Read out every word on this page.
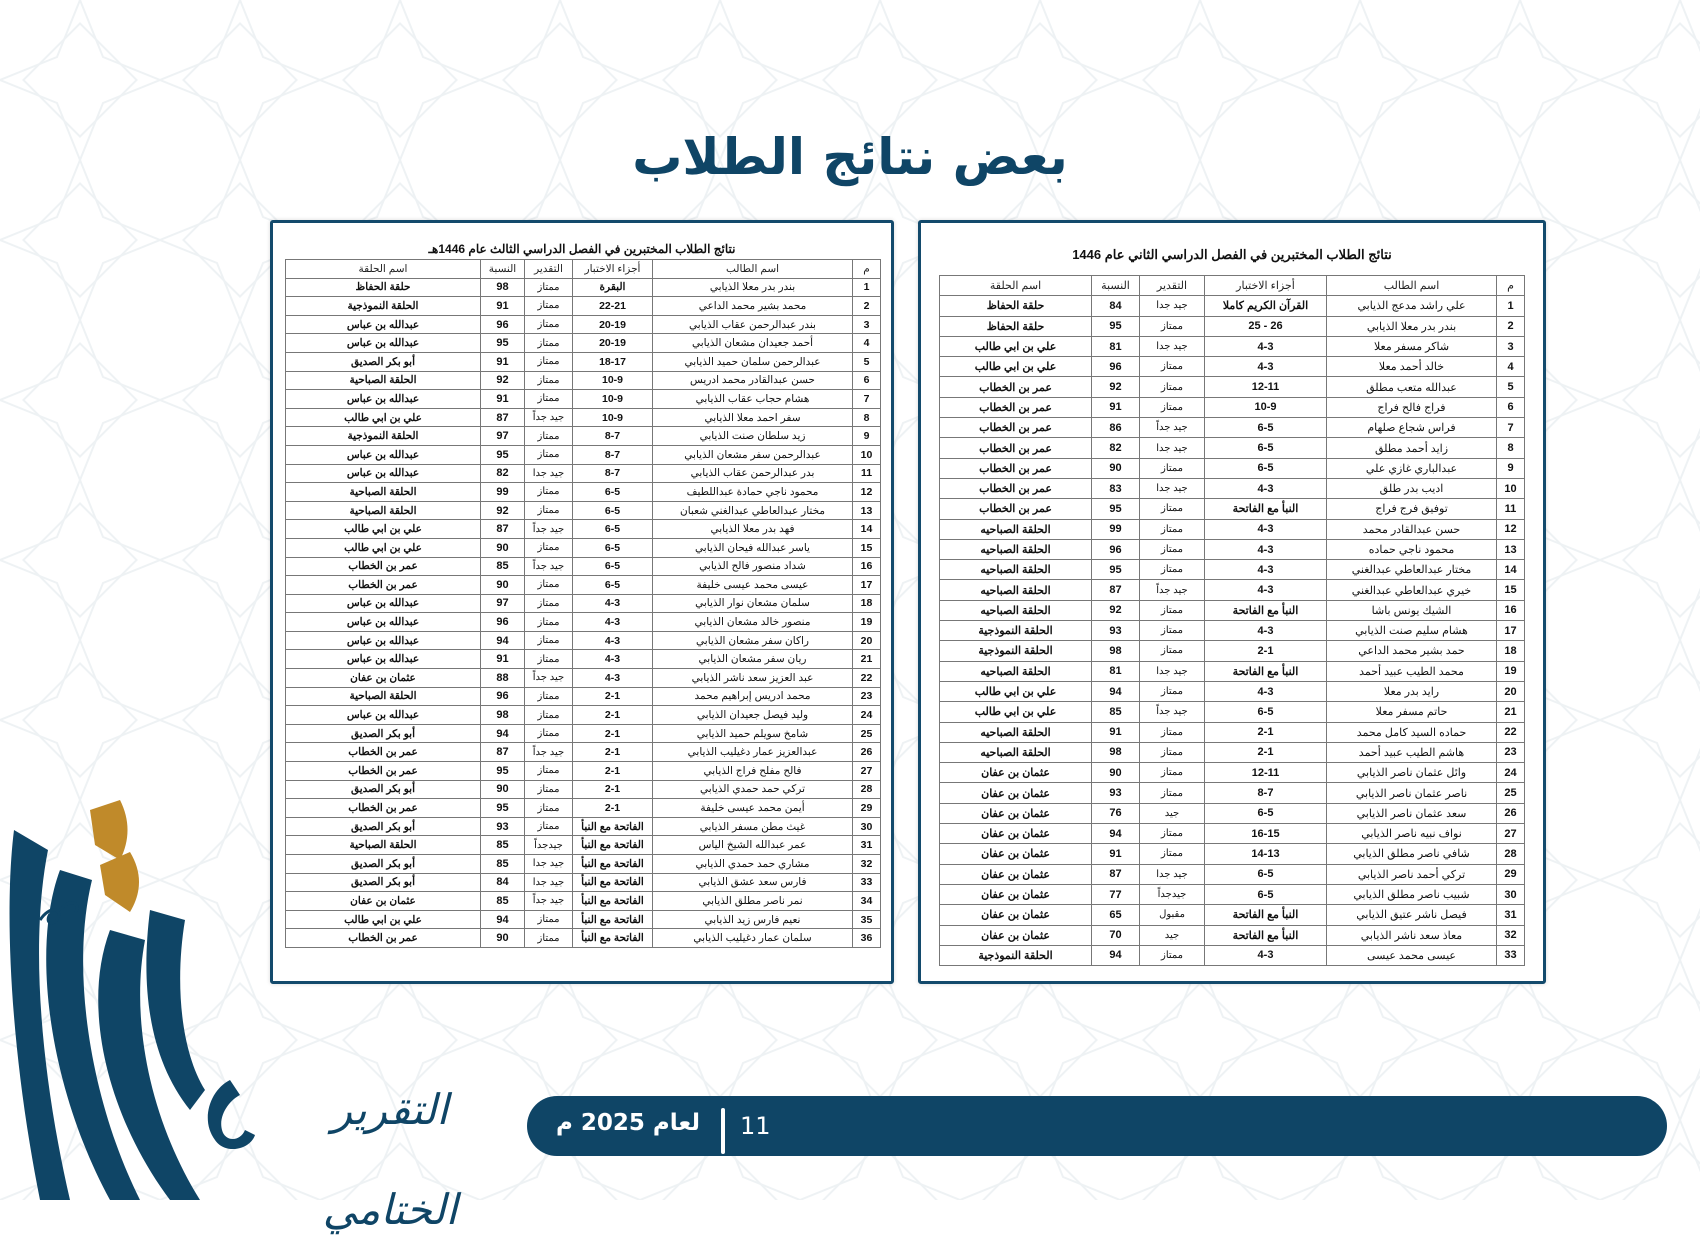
بعض نتائج الطلاب
نتائج الطلاب المختبرين في الفصل الدراسي الثاني عام 1446
م	اسم الطالب	أجزاء الاختبار	التقدير	النسبة	اسم الحلقة
1	علي راشد مدعج الذيابي	القرآن الكريم كاملا	جيد جدا	84	حلقة الحفاظ
2	بندر بدر معلا الذيابي	26 - 25	ممتاز	95	حلقة الحفاظ
3	شاكر مسفر معلا	4-3	جيد جدا	81	علي بن ابي طالب
4	خالد أحمد معلا	4-3	ممتاز	96	علي بن ابي طالب
5	عبدالله متعب مطلق	12-11	ممتاز	92	عمر بن الخطاب
6	فراج فالح فراج	10-9	ممتاز	91	عمر بن الخطاب
7	فراس شجاع صلهام	6-5	جيد جداً	86	عمر بن الخطاب
8	زايد أحمد مطلق	6-5	جيد جدا	82	عمر بن الخطاب
9	عبدالباري غازي علي	6-5	ممتاز	90	عمر بن الخطاب
10	اديب بدر طلق	4-3	جيد جدا	83	عمر بن الخطاب
11	توفيق فرج فراج	النبأ مع الفاتحة	ممتاز	95	عمر بن الخطاب
12	حسن عبدالقادر محمد	4-3	ممتاز	99	الحلقة الصباحيه
13	محمود ناجي حماده	4-3	ممتاز	96	الحلقة الصباحيه
14	مختار عبدالعاطي عبدالغني	4-3	ممتاز	95	الحلقة الصباحيه
15	خيري عبدالعاطي عبدالغني	4-3	جيد جداً	87	الحلقة الصباحيه
16	الشيك يونس باشا	النبأ مع الفاتحة	ممتاز	92	الحلقة الصباحيه
17	هشام سليم صنت الذيابي	4-3	ممتاز	93	الحلقة النموذجية
18	حمد بشير محمد الداعي	2-1	ممتاز	98	الحلقة النموذجية
19	محمد الطيب عبيد أحمد	النبأ مع الفاتحة	جيد جدا	81	الحلقة الصباحيه
20	رايد بدر معلا	4-3	ممتاز	94	علي بن ابي طالب
21	حاتم مسفر معلا	6-5	جيد جداً	85	علي بن ابي طالب
22	حماده السيد كامل محمد	2-1	ممتاز	91	الحلقة الصباحيه
23	هاشم الطيب عبيد أحمد	2-1	ممتاز	98	الحلقة الصباحيه
24	وائل عثمان ناصر الذيابي	12-11	ممتاز	90	عثمان بن عفان
25	ناصر عثمان ناصر الذيابي	8-7	ممتاز	93	عثمان بن عفان
26	سعد عثمان ناصر الذيابي	6-5	جيد	76	عثمان بن عفان
27	نواف نبيه ناصر الذيابي	16-15	ممتاز	94	عثمان بن عفان
28	شافي ناصر مطلق الذيابي	14-13	ممتاز	91	عثمان بن عفان
29	تركي أحمد ناصر الذيابي	6-5	جيد جدا	87	عثمان بن عفان
30	شبيب ناصر مطلق الذيابي	6-5	جيدجداً	77	عثمان بن عفان
31	فيصل ناشر عتيق الذيابي	النبأ مع الفاتحة	مقبول	65	عثمان بن عفان
32	معاذ سعد ناشر الذيابي	النبأ مع الفاتحة	جيد	70	عثمان بن عفان
33	عيسى محمد عيسى	4-3	ممتاز	94	الحلقة النموذجية
نتائج الطلاب المختبرين في الفصل الدراسي الثالث عام 1446هـ
م	اسم الطالب	أجزاء الاختبار	التقدير	النسبة	اسم الحلقة
1	بندر بدر معلا الذيابي	البقرة	ممتاز	98	حلقة الحفاظ
2	محمد بشير محمد الداعي	22-21	ممتاز	91	الحلقة النموذجية
3	بندر عبدالرحمن عقاب الذيابي	20-19	ممتاز	96	عبدالله بن عباس
4	أحمد جعيدان مشعان الذيابي	20-19	ممتاز	95	عبدالله بن عباس
5	عبدالرحمن سلمان حميد الذيابي	18-17	ممتاز	91	أبو بكر الصديق
6	حسن عبدالقادر محمد ادريس	10-9	ممتاز	92	الحلقة الصباحية
7	هشام حجاب عقاب الذيابي	10-9	ممتاز	91	عبدالله بن عباس
8	سفر احمد معلا الذيابي	10-9	جيد جداً	87	علي بن ابي طالب
9	زيد سلطان صنت الذيابي	8-7	ممتاز	97	الحلقة النموذجية
10	عبدالرحمن سفر مشعان الذيابي	8-7	ممتاز	95	عبدالله بن عباس
11	بدر عبدالرحمن عقاب الذيابي	8-7	جيد جدا	82	عبدالله بن عباس
12	محمود ناجي حمادة عبداللطيف	6-5	ممتاز	99	الحلقة الصباحية
13	مختار عبدالعاطي عبدالغني شعبان	6-5	ممتاز	92	الحلقة الصباحية
14	فهد بدر معلا الذيابي	6-5	جيد جداً	87	علي بن ابي طالب
15	ياسر عبدالله فيحان الذيابي	6-5	ممتاز	90	علي بن ابي طالب
16	شداد منصور فالح الذيابي	6-5	جيد جداً	85	عمر بن الخطاب
17	عيسى محمد عيسى خليفة	6-5	ممتاز	90	عمر بن الخطاب
18	سلمان مشعان نوار الذيابي	4-3	ممتاز	97	عبدالله بن عباس
19	منصور خالد مشعان الذيابي	4-3	ممتاز	96	عبدالله بن عباس
20	راكان سفر مشعان الذيابي	4-3	ممتاز	94	عبدالله بن عباس
21	ريان سفر مشعان الذيابي	4-3	ممتاز	91	عبدالله بن عباس
22	عبد العزيز سعد ناشر الذيابي	4-3	جيد جداً	88	عثمان بن عفان
23	محمد ادريس إبراهيم محمد	2-1	ممتاز	96	الحلقة الصباحية
24	وليد فيصل جعيدان الذيابي	2-1	ممتاز	98	عبدالله بن عباس
25	شامخ سويلم حميد الذيابي	2-1	ممتاز	94	أبو بكر الصديق
26	عبدالعزيز عمار دغيليب الذيابي	2-1	جيد جداً	87	عمر بن الخطاب
27	فالح مفلح فراج الذيابي	2-1	ممتاز	95	عمر بن الخطاب
28	تركي حمد حمدي الذيابي	2-1	ممتاز	90	أبو بكر الصديق
29	أيمن محمد عيسى خليفة	2-1	ممتاز	95	عمر بن الخطاب
30	غيث مطن مسفر الذيابي	الفاتحة مع النبأ	ممتاز	93	أبو بكر الصديق
31	عمر عبدالله الشيخ الياس	الفاتحة مع النبأ	جيدجداً	85	الحلقة الصباحية
32	مشاري حمد حمدي الذيابي	الفاتحة مع النبأ	جيد جدا	85	أبو بكر الصديق
33	فارس سعد عشق الذيابي	الفاتحة مع النبأ	جيد جدا	84	أبو بكر الصديق
34	نمر ناصر مطلق الذيابي	الفاتحة مع النبأ	جيد جداً	85	عثمان بن عفان
35	نعيم فارس زيد الذيابي	الفاتحة مع النبأ	ممتاز	94	علي بن ابي طالب
36	سلمان عمار دغيليب الذيابي	الفاتحة مع النبأ	ممتاز	90	عمر بن الخطاب
التقرير الختامي
لعام 2025 م 11
